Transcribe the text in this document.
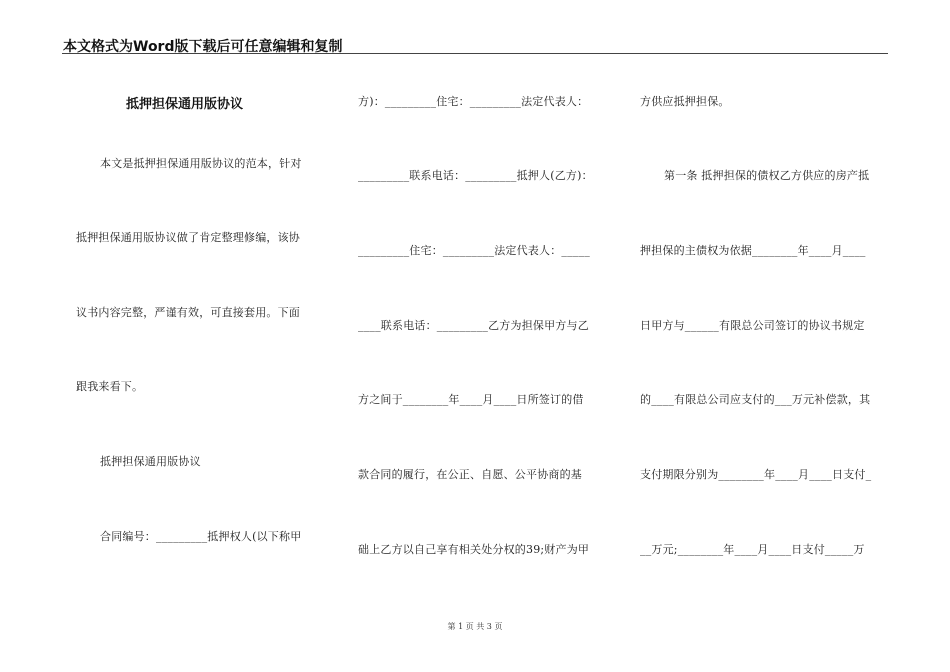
本文格式为Word版下载后可任意编辑和复制
抵押担保通用版协议
本文是抵押担保通用版协议的范本，针对
抵押担保通用版协议做了肯定整理修编，该协
议书内容完整，严谨有效，可直接套用。下面
跟我来看下。
抵押担保通用版协议
合同编号：_________抵押权人(以下称甲
方)：_________住宅：_________法定代表人：
_________联系电话：_________抵押人(乙方)：
_________住宅：_________法定代表人：_____
____联系电话：_________乙方为担保甲方与乙
方之间于________年____月____日所签订的借
款合同的履行，在公正、自愿、公平协商的基
础上乙方以自己享有相关处分权的39;财产为甲
方供应抵押担保。
第一条 抵押担保的债权乙方供应的房产抵
押担保的主债权为依据________年____月____
日甲方与______有限总公司签订的协议书规定
的____有限总公司应支付的___万元补偿款，其
支付期限分别为________年____月____日支付_
__万元;________年____月____日支付_____万
第 1 页 共 3 页
